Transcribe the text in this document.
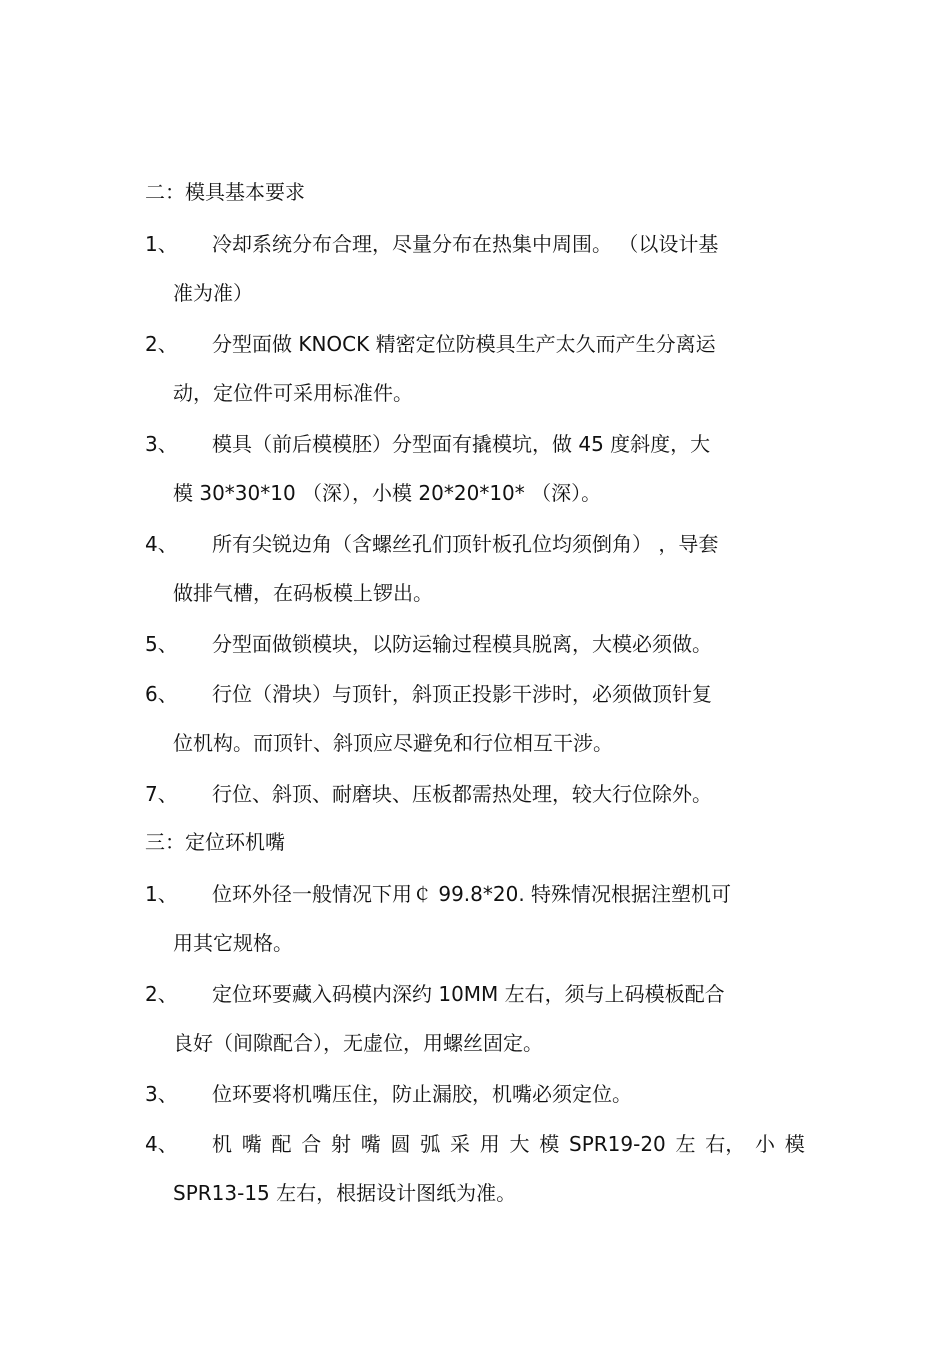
二：模具基本要求
1、 冷却系统分布合理，尽量分布在热集中周围。 （以设计基
准为准）
2、 分型面做 KNOCK 精密定位防模具生产太久而产生分离运
动，定位件可采用标准件。
3、 模具（前后模模胚）分型面有撬模坑，做 45 度斜度，大
模 30*30*10 （深），小模 20*20*10* （深）。
4、 所有尖锐边角（含螺丝孔们顶针板孔位均须倒角） ，导套
做排气槽，在码板模上锣出。
5、 分型面做锁模块，以防运输过程模具脱离，大模必须做。
6、 行位（滑块）与顶针，斜顶正投影干涉时，必须做顶针复
位机构。而顶针、斜顶应尽避免和行位相互干涉。
7、 行位、斜顶、耐磨块、压板都需热处理，较大行位除外。
三：定位环机嘴
1、 位环外径一般情况下用￠ 99.8*20. 特殊情况根据注塑机可
用其它规格。
2、 定位环要藏入码模内深约 10MM 左右，须与上码模板配合
良好（间隙配合），无虚位，用螺丝固定。
3、 位环要将机嘴压住，防止漏胶，机嘴必须定位。
4、 机 嘴 配 合 射 嘴 圆 弧 采 用 大 模 SPR19-20 左 右， 小 模
SPR13-15 左右，根据设计图纸为准。
